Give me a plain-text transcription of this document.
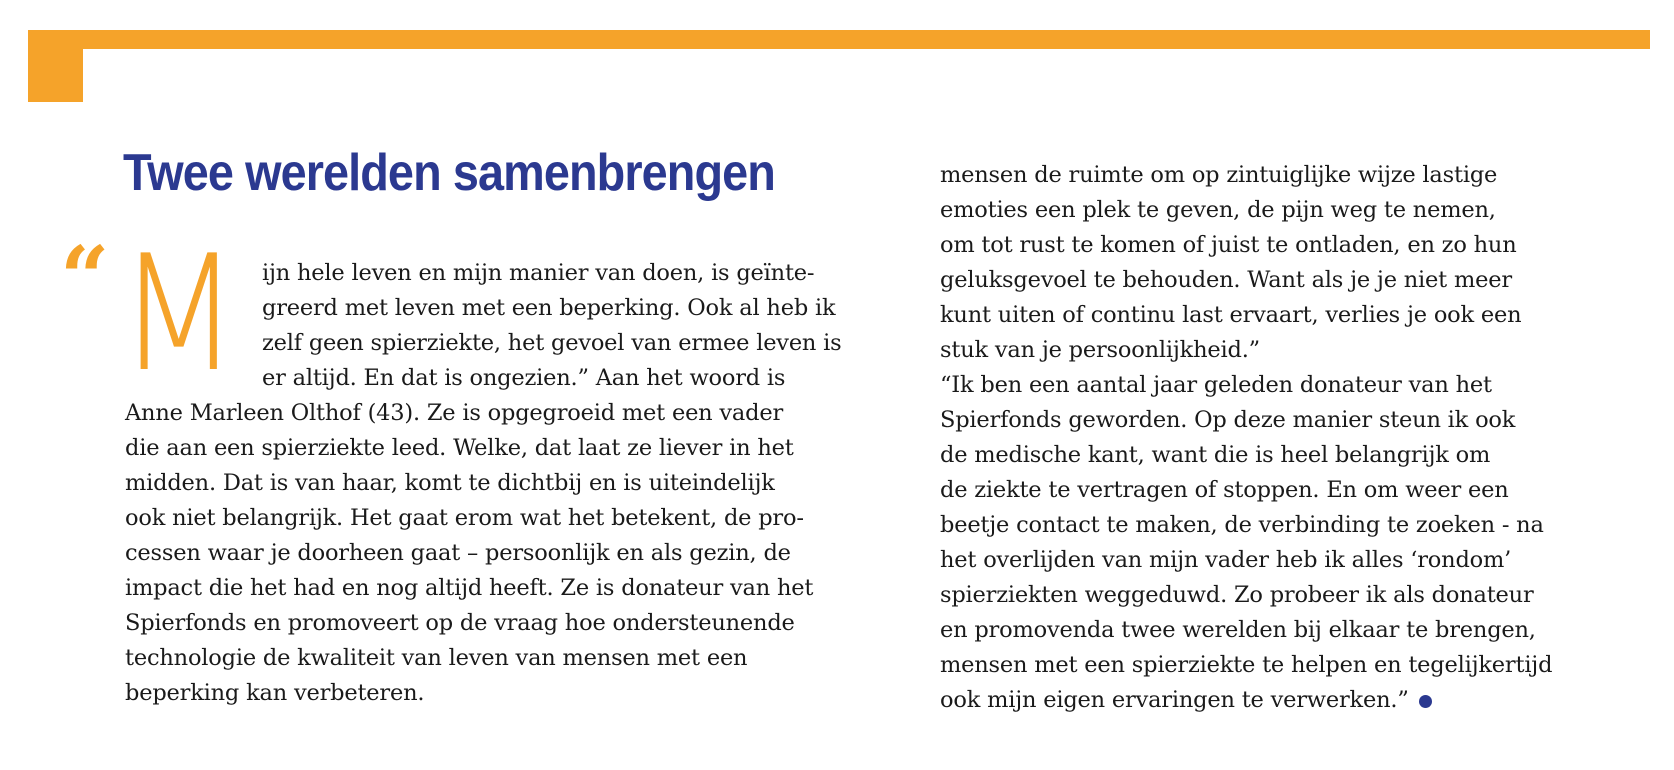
Twee werelden samenbrengen
“ M	ijn hele leven en mijn manier van doen, is geïnte-
greerd met leven met een beperking. Ook al heb ik
zelf geen spierziekte, het gevoel van ermee leven is
er altijd. En dat is ongezien.” Aan het woord is
Anne Marleen Olthof (43). Ze is opgegroeid met een vader
die aan een spierziekte leed. Welke, dat laat ze liever in het
midden. Dat is van haar, komt te dichtbij en is uiteindelijk
ook niet belangrijk. Het gaat erom wat het betekent, de pro-
cessen waar je doorheen gaat – persoonlijk en als gezin, de
impact die het had en nog altijd heeft. Ze is donateur van het
Spierfonds en promoveert op de vraag hoe ondersteunende
technologie de kwaliteit van leven van mensen met een
beperking kan verbeteren.
mensen de ruimte om op zintuiglijke wijze lastige
emoties een plek te geven, de pijn weg te nemen,
om tot rust te komen of juist te ontladen, en zo hun
geluksgevoel te behouden. Want als je je niet meer
kunt uiten of continu last ervaart, verlies je ook een
stuk van je persoonlijkheid.”
“Ik ben een aantal jaar geleden donateur van het
Spierfonds geworden. Op deze manier steun ik ook
de medische kant, want die is heel belangrijk om
de ziekte te vertragen of stoppen. En om weer een
beetje contact te maken, de verbinding te zoeken - na
het overlijden van mijn vader heb ik alles ‘rondom’
spierziekten weggeduwd. Zo probeer ik als donateur
en promovenda twee werelden bij elkaar te brengen,
mensen met een spierziekte te helpen en tegelijkertijd
ook mijn eigen ervaringen te verwerken.”
